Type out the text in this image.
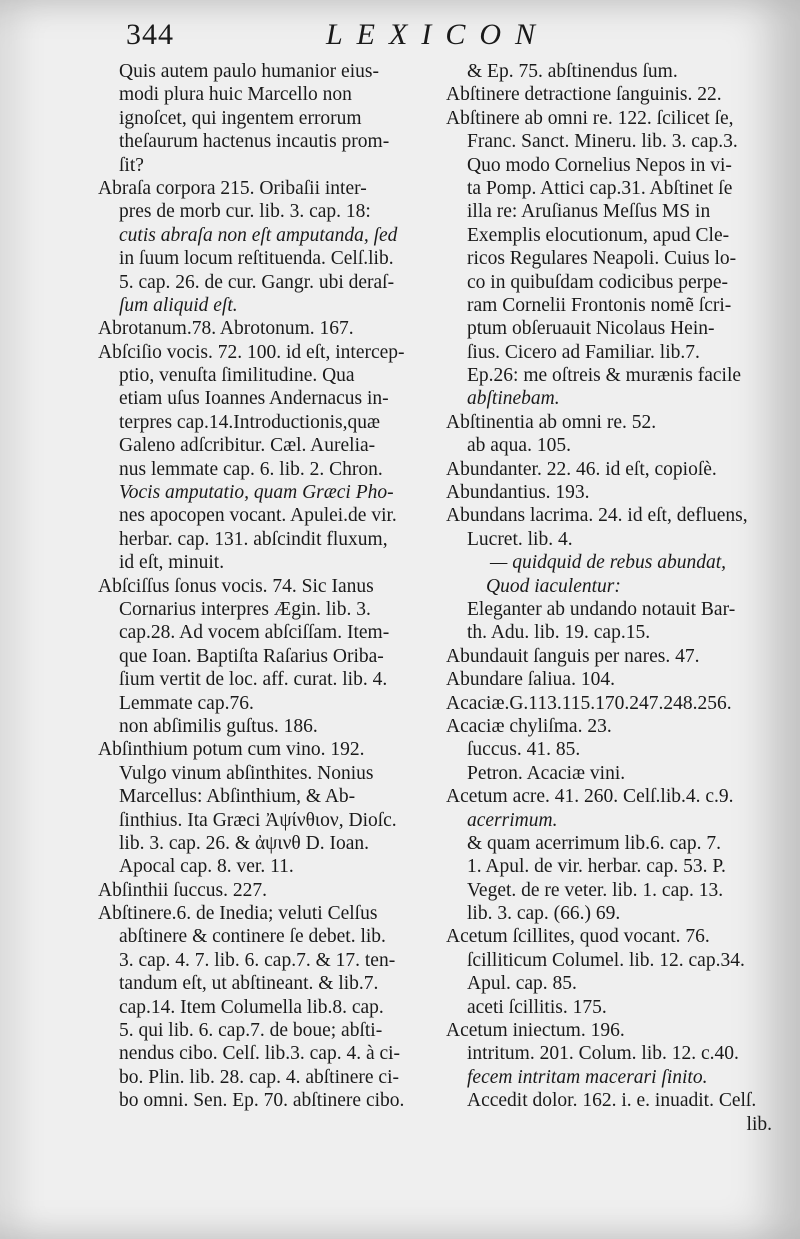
344	LEXICON
Quis autem paulo humanior eius-
modi plura huic Marcello non
ignoſcet, qui ingentem errorum
theſaurum hactenus incautis prom-
ſit?
Abraſa corpora 215. Oribaſii inter-
pres de morb cur. lib. 3. cap. 18:
cutis abraſa non eſt amputanda, ſed
in ſuum locum reſtituenda. Celſ.lib.
5. cap. 26. de cur. Gangr. ubi deraſ-
ſum aliquid eſt.
Abrotanum.78. Abrotonum. 167.
Abſciſio vocis. 72. 100. id eſt, intercep-
ptio, venuſta ſimilitudine. Qua
etiam uſus Ioannes Andernacus in-
terpres cap.14.Introductionis,quæ
Galeno adſcribitur. Cæl. Aurelia-
nus lemmate cap. 6. lib. 2. Chron.
Vocis amputatio, quam Græci Pho-
nes apocopen vocant. Apulei.de vir.
herbar. cap. 131. abſcindit fluxum,
id eſt, minuit.
Abſciſſus ſonus vocis. 74. Sic Ianus
Cornarius interpres Ægin. lib. 3.
cap.28. Ad vocem abſciſſam. Item-
que Ioan. Baptiſta Raſarius Oriba-
ſium vertit de loc. aff. curat. lib. 4.
Lemmate cap.76.
non abſimilis guſtus. 186.
Abſinthium potum cum vino. 192.
Vulgo vinum abſinthites. Nonius
Marcellus: Abſinthium, & Ab-
ſinthius. Ita Græci Ἀψίνθιον, Dioſc.
lib. 3. cap. 26. & ἀψινθ D. Ioan.
Apocal cap. 8. ver. 11.
Abſinthii ſuccus. 227.
Abſtinere.6. de Inedia; veluti Celſus
abſtinere & continere ſe debet. lib.
3. cap. 4. 7. lib. 6. cap.7. & 17. ten-
tandum eſt, ut abſtineant. & lib.7.
cap.14. Item Columella lib.8. cap.
5. qui lib. 6. cap.7. de boue; abſti-
nendus cibo. Celſ. lib.3. cap. 4. à ci-
bo. Plin. lib. 28. cap. 4. abſtinere ci-
bo omni. Sen. Ep. 70. abſtinere cibo.
& Ep. 75. abſtinendus ſum.
Abſtinere detractione ſanguinis. 22.
Abſtinere ab omni re. 122. ſcilicet ſe,
Franc. Sanct. Mineru. lib. 3. cap.3.
Quo modo Cornelius Nepos in vi-
ta Pomp. Attici cap.31. Abſtinet ſe
illa re: Aruſianus Meſſus MS in
Exemplis elocutionum, apud Cle-
ricos Regulares Neapoli. Cuius lo-
co in quibuſdam codicibus perpe-
ram Cornelii Frontonis nomẽ ſcri-
ptum obſeruauit Nicolaus Hein-
ſius. Cicero ad Familiar. lib.7.
Ep.26: me oſtreis & murænis facile
abſtinebam.
Abſtinentia ab omni re. 52.
ab aqua. 105.
Abundanter. 22. 46. id eſt, copioſè.
Abundantius. 193.
Abundans lacrima. 24. id eſt, defluens,
Lucret. lib. 4.
— quidquid de rebus abundat,
Quod iaculentur:
Eleganter ab undando notauit Bar-
th. Adu. lib. 19. cap.15.
Abundauit ſanguis per nares. 47.
Abundare ſaliua. 104.
Acaciæ.G.113.115.170.247.248.256.
Acaciæ chyliſma. 23.
ſuccus. 41. 85.
Petron. Acaciæ vini.
Acetum acre. 41. 260. Celſ.lib.4. c.9.
acerrimum.
& quam acerrimum lib.6. cap. 7.
1. Apul. de vir. herbar. cap. 53. P.
Veget. de re veter. lib. 1. cap. 13.
lib. 3. cap. (66.) 69.
Acetum ſcillites, quod vocant. 76.
ſcilliticum Columel. lib. 12. cap.34.
Apul. cap. 85.
aceti ſcillitis. 175.
Acetum iniectum. 196.
intritum. 201. Colum. lib. 12. c.40.
fecem intritam macerari ſinito.
Accedit dolor. 162. i. e. inuadit. Celſ.
lib.
